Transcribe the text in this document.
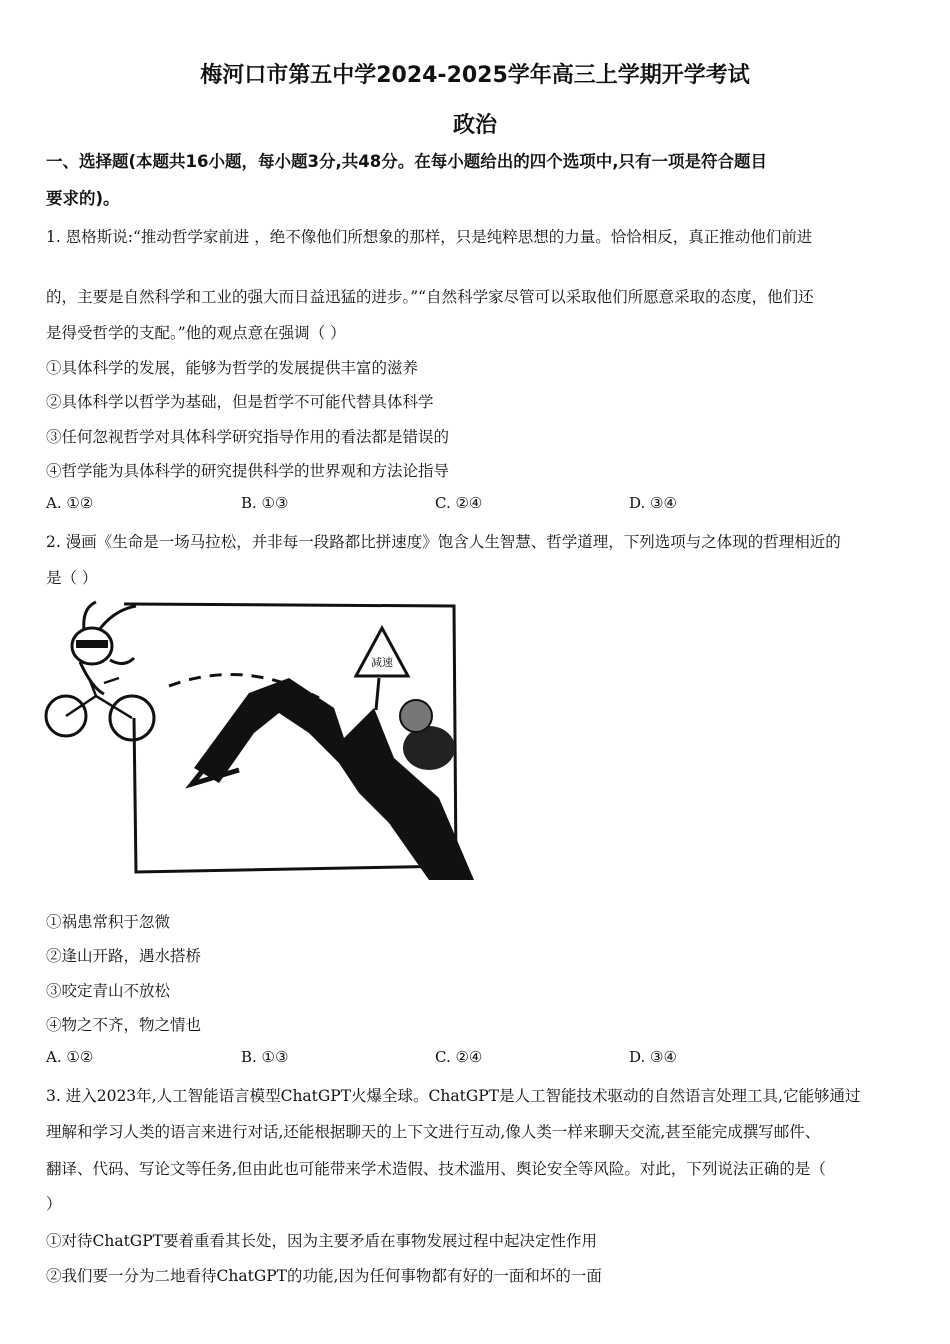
梅河口市第五中学2024-2025学年高三上学期开学考试
政治
一、选择题(本题共16小题，每小题3分,共48分。在每小题给出的四个选项中,只有一项是符合题目
要求的)。
1. 恩格斯说:“推动哲学家前进 ，绝不像他们所想象的那样，只是纯粹思想的力量。恰恰相反，真正推动他们前进
的，主要是自然科学和工业的强大而日益迅猛的进步。”“自然科学家尽管可以采取他们所愿意采取的态度，他们还
是得受哲学的支配。”他的观点意在强调（ ）
①具体科学的发展，能够为哲学的发展提供丰富的滋养
②具体科学以哲学为基础，但是哲学不可能代替具体科学
③任何忽视哲学对具体科学研究指导作用的看法都是错误的
④哲学能为具体科学的研究提供科学的世界观和方法论指导
A. ①②	B. ①③	C. ②④	D. ③④
2. 漫画《生命是一场马拉松，并非每一段路都比拼速度》饱含人生智慧、哲学道理，下列选项与之体现的哲理相近的
是（ ）
减速
①祸患常积于忽微
②逢山开路，遇水搭桥
③咬定青山不放松
④物之不齐，物之情也
A. ①②	B. ①③	C. ②④	D. ③④
3. 进入2023年,人工智能语言模型ChatGPT火爆全球。ChatGPT是人工智能技术驱动的自然语言处理工具,它能够通过
理解和学习人类的语言来进行对话,还能根据聊天的上下文进行互动,像人类一样来聊天交流,甚至能完成撰写邮件、
翻译、代码、写论文等任务,但由此也可能带来学术造假、技术滥用、舆论安全等风险。对此，下列说法正确的是（
）
①对待ChatGPT要着重看其长处，因为主要矛盾在事物发展过程中起决定性作用
②我们要一分为二地看待ChatGPT的功能,因为任何事物都有好的一面和坏的一面
